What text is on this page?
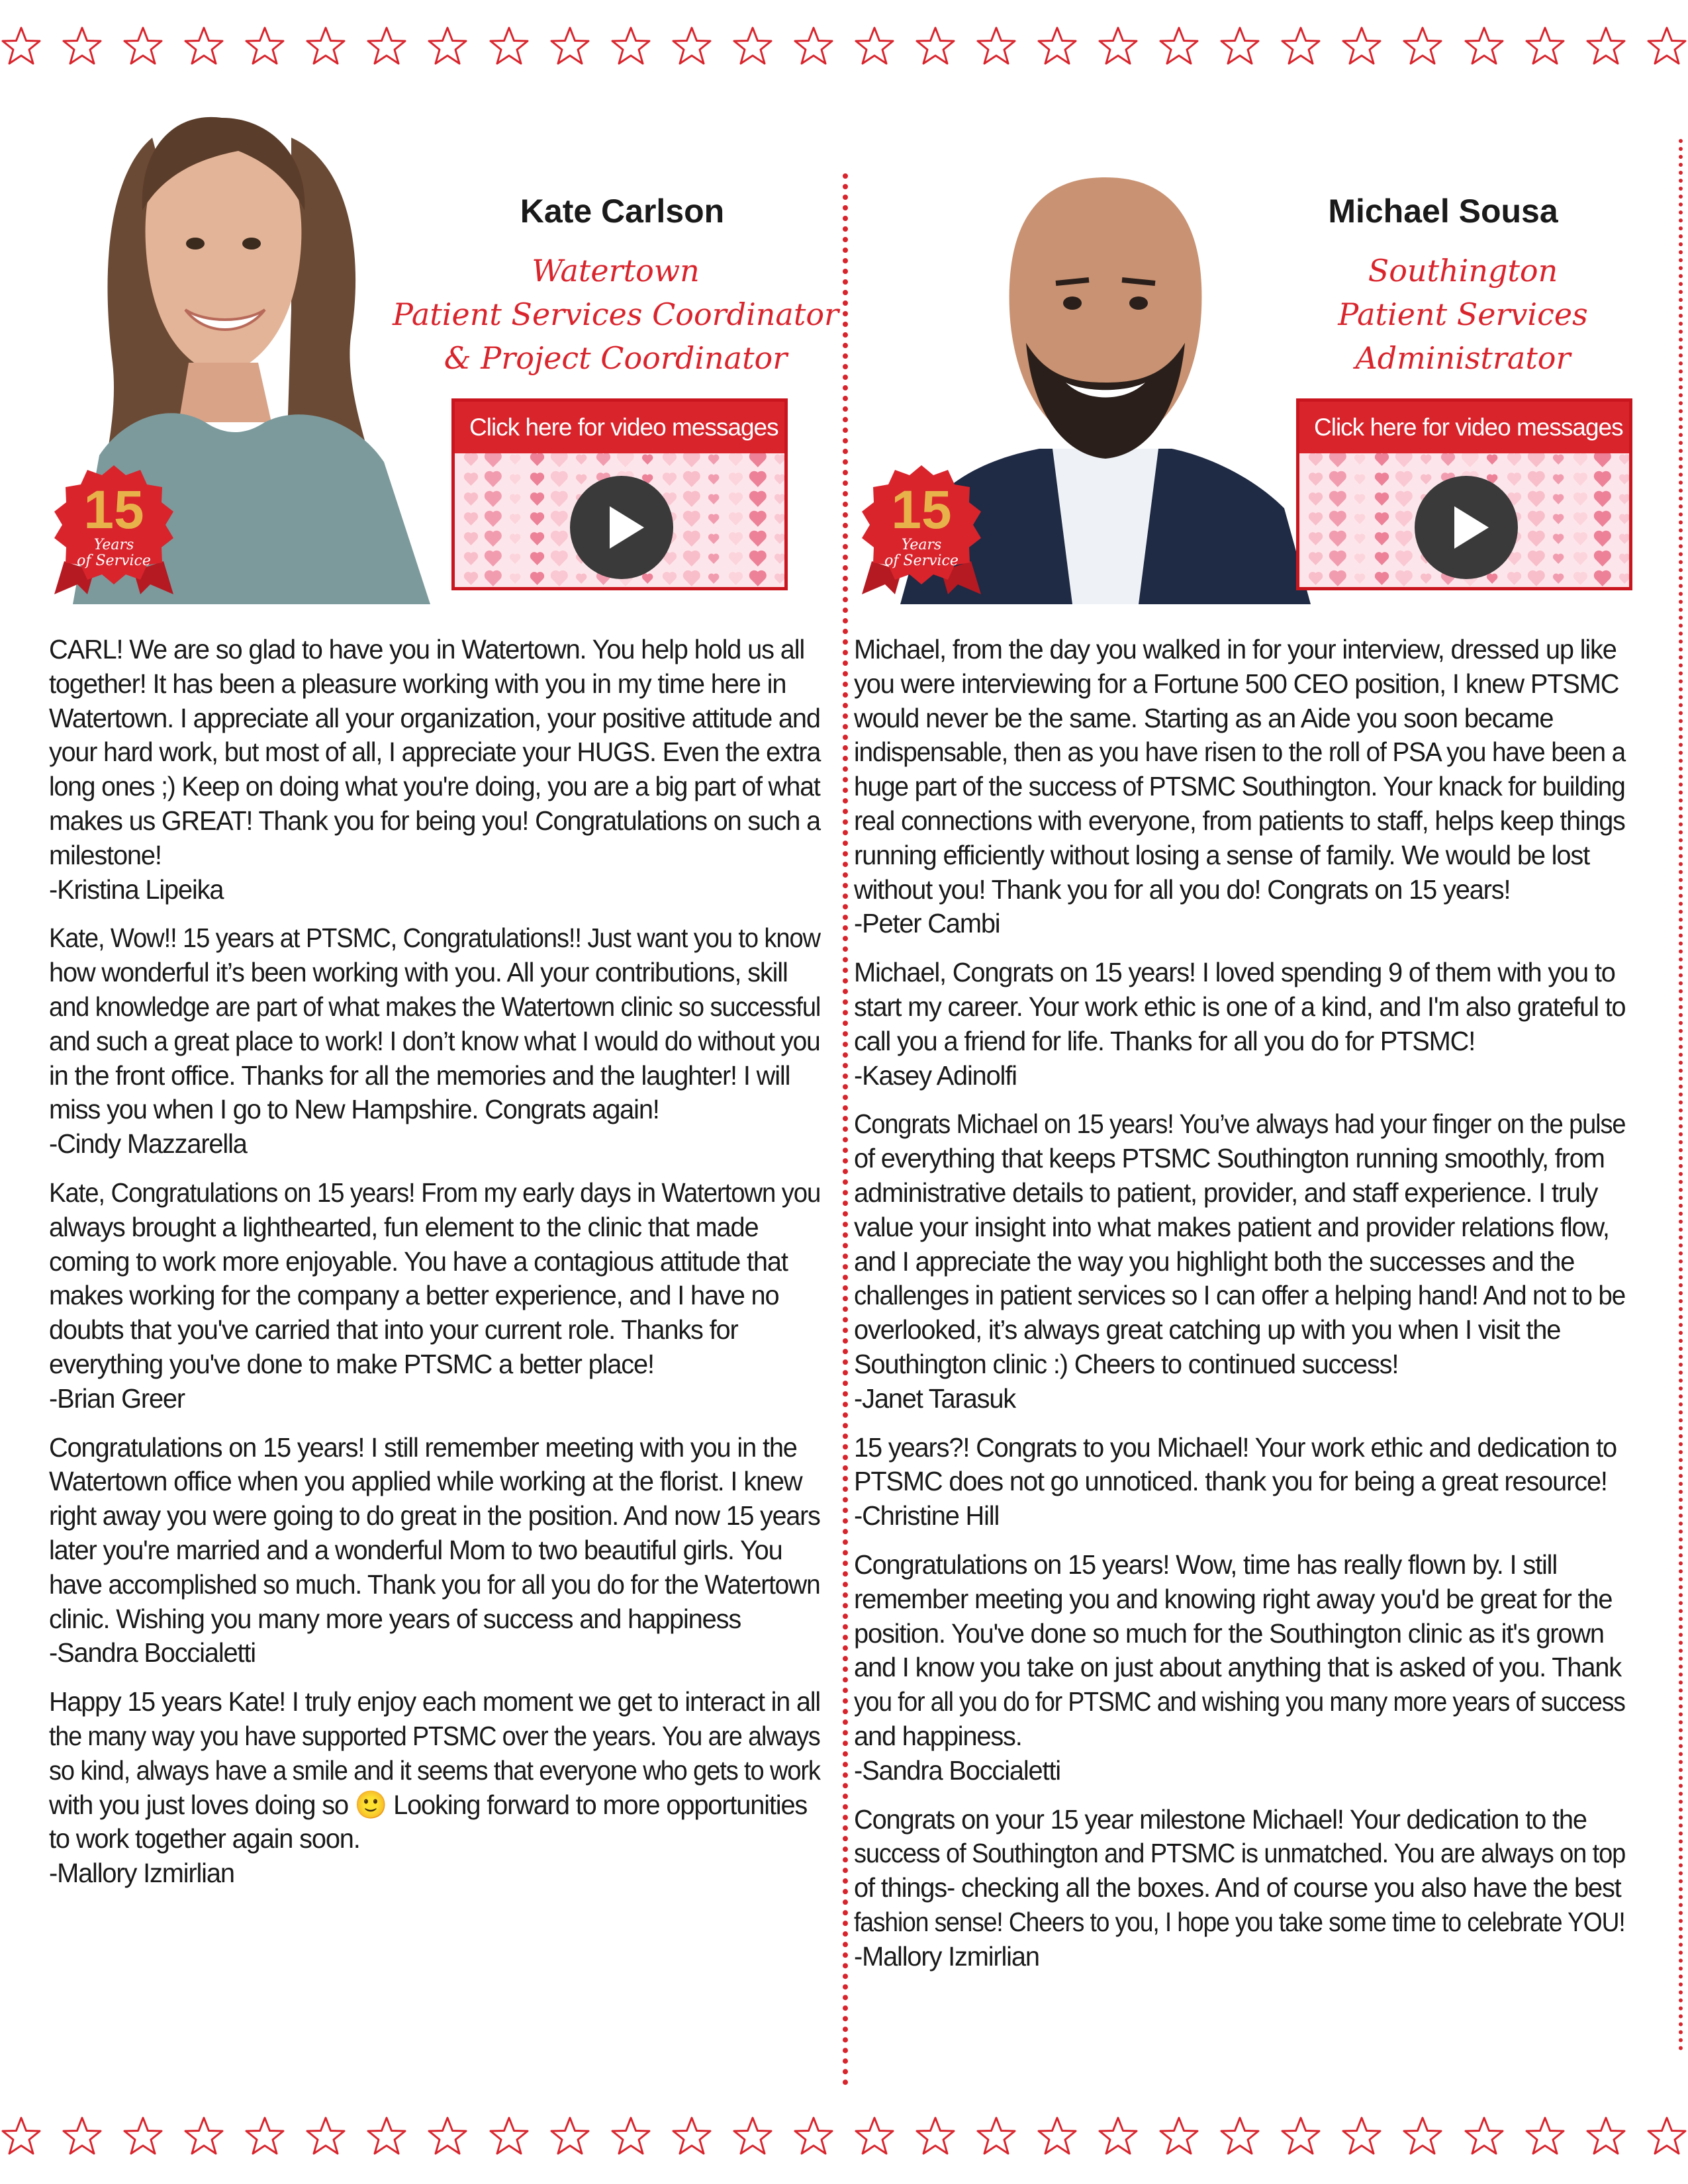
15
Years
of Service
Kate Carlson
Watertown
Patient Services Coordinator
& Project Coordinator
Click here for video messages
15
Years
of Service
Michael Sousa
Southington
Patient Services
Administrator
Click here for video messages
CARL! We are so glad to have you in Watertown. You help hold us all
together! It has been a pleasure working with you in my time here in
Watertown. I appreciate all your organization, your positive attitude and
your hard work, but most of all, I appreciate your HUGS. Even the extra
long ones ;) Keep on doing what you're doing, you are a big part of what
makes us GREAT! Thank you for being you! Congratulations on such a
milestone!
-Kristina Lipeika
Kate, Wow!! 15 years at PTSMC, Congratulations!! Just want you to know
how wonderful it’s been working with you. All your contributions, skill
and knowledge are part of what makes the Watertown clinic so successful
and such a great place to work! I don’t know what I would do without you
in the front office. Thanks for all the memories and the laughter! I will
miss you when I go to New Hampshire. Congrats again!
-Cindy Mazzarella
Kate, Congratulations on 15 years! From my early days in Watertown you
always brought a lighthearted, fun element to the clinic that made
coming to work more enjoyable. You have a contagious attitude that
makes working for the company a better experience, and I have no
doubts that you've carried that into your current role. Thanks for
everything you've done to make PTSMC a better place!
-Brian Greer
Congratulations on 15 years! I still remember meeting with you in the
Watertown office when you applied while working at the florist. I knew
right away you were going to do great in the position. And now 15 years
later you're married and a wonderful Mom to two beautiful girls. You
have accomplished so much. Thank you for all you do for the Watertown
clinic. Wishing you many more years of success and happiness
-Sandra Boccialetti
Happy 15 years Kate! I truly enjoy each moment we get to interact in all
the many way you have supported PTSMC over the years. You are always
so kind, always have a smile and it seems that everyone who gets to work
with you just loves doing so 🙂 Looking forward to more opportunities
to work together again soon.
-Mallory Izmirlian
Michael, from the day you walked in for your interview, dressed up like
you were interviewing for a Fortune 500 CEO position, I knew PTSMC
would never be the same. Starting as an Aide you soon became
indispensable, then as you have risen to the roll of PSA you have been a
huge part of the success of PTSMC Southington. Your knack for building
real connections with everyone, from patients to staff, helps keep things
running efficiently without losing a sense of family. We would be lost
without you! Thank you for all you do! Congrats on 15 years!
-Peter Cambi
Michael, Congrats on 15 years! I loved spending 9 of them with you to
start my career. Your work ethic is one of a kind, and I'm also grateful to
call you a friend for life. Thanks for all you do for PTSMC!
-Kasey Adinolfi
Congrats Michael on 15 years! You’ve always had your finger on the pulse
of everything that keeps PTSMC Southington running smoothly, from
administrative details to patient, provider, and staff experience. I truly
value your insight into what makes patient and provider relations flow,
and I appreciate the way you highlight both the successes and the
challenges in patient services so I can offer a helping hand! And not to be
overlooked, it’s always great catching up with you when I visit the
Southington clinic :) Cheers to continued success!
-Janet Tarasuk
15 years?! Congrats to you Michael! Your work ethic and dedication to
PTSMC does not go unnoticed. thank you for being a great resource!
-Christine Hill
Congratulations on 15 years! Wow, time has really flown by. I still
remember meeting you and knowing right away you'd be great for the
position. You've done so much for the Southington clinic as it's grown
and I know you take on just about anything that is asked of you. Thank
you for all you do for PTSMC and wishing you many more years of success
and happiness.
-Sandra Boccialetti
Congrats on your 15 year milestone Michael! Your dedication to the
success of Southington and PTSMC is unmatched. You are always on top
of things- checking all the boxes. And of course you also have the best
fashion sense! Cheers to you, I hope you take some time to celebrate YOU!
-Mallory Izmirlian
